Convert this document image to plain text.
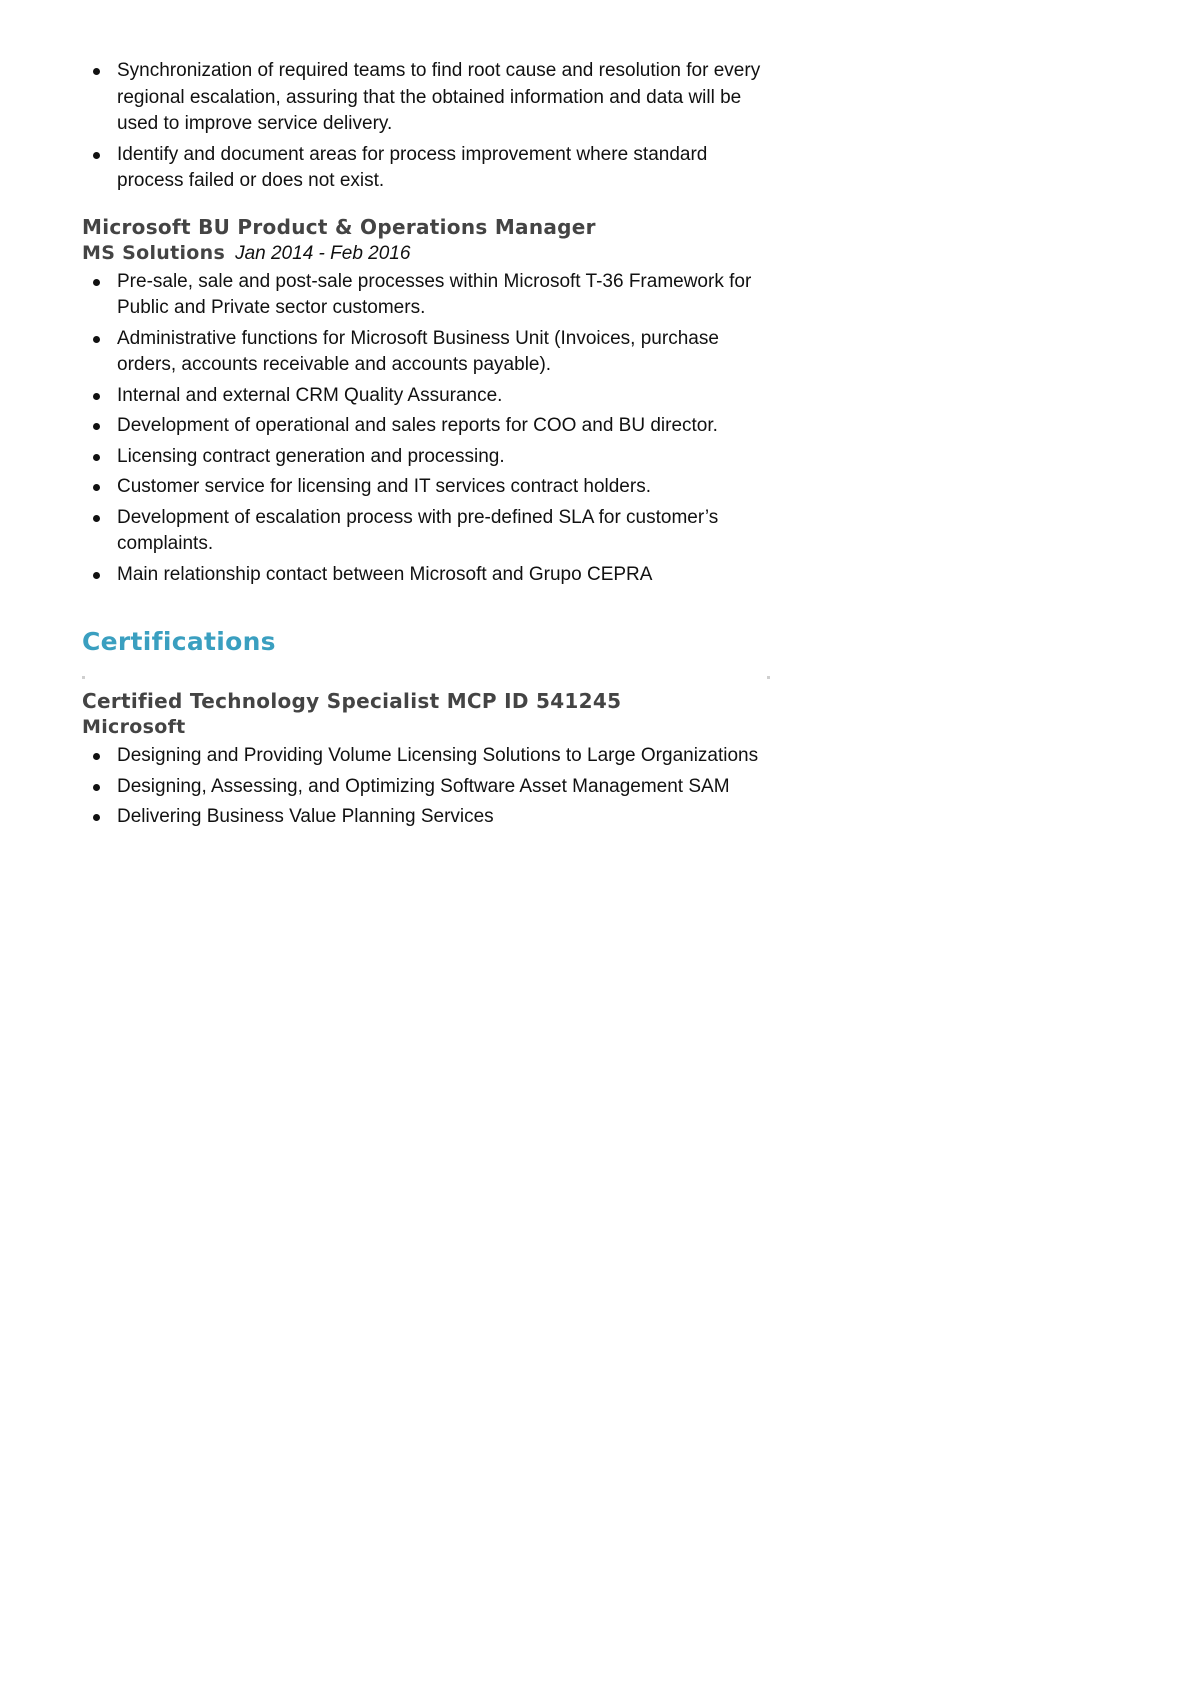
Synchronization of required teams to find root cause and resolution for every regional escalation, assuring that the obtained information and data will be used to improve service delivery.
Identify and document areas for process improvement where standard process failed or does not exist.
Microsoft BU Product & Operations Manager
MS Solutions Jan 2014 - Feb 2016
Pre-sale, sale and post-sale processes within Microsoft T-36 Framework for Public and Private sector customers.
Administrative functions for Microsoft Business Unit (Invoices, purchase orders, accounts receivable and accounts payable).
Internal and external CRM Quality Assurance.
Development of operational and sales reports for COO and BU director.
Licensing contract generation and processing.
Customer service for licensing and IT services contract holders.
Development of escalation process with pre-defined SLA for customer’s complaints.
Main relationship contact between Microsoft and Grupo CEPRA
Certifications
Certified Technology Specialist MCP ID 541245
Microsoft
Designing and Providing Volume Licensing Solutions to Large Organizations
Designing, Assessing, and Optimizing Software Asset Management SAM
Delivering Business Value Planning Services
